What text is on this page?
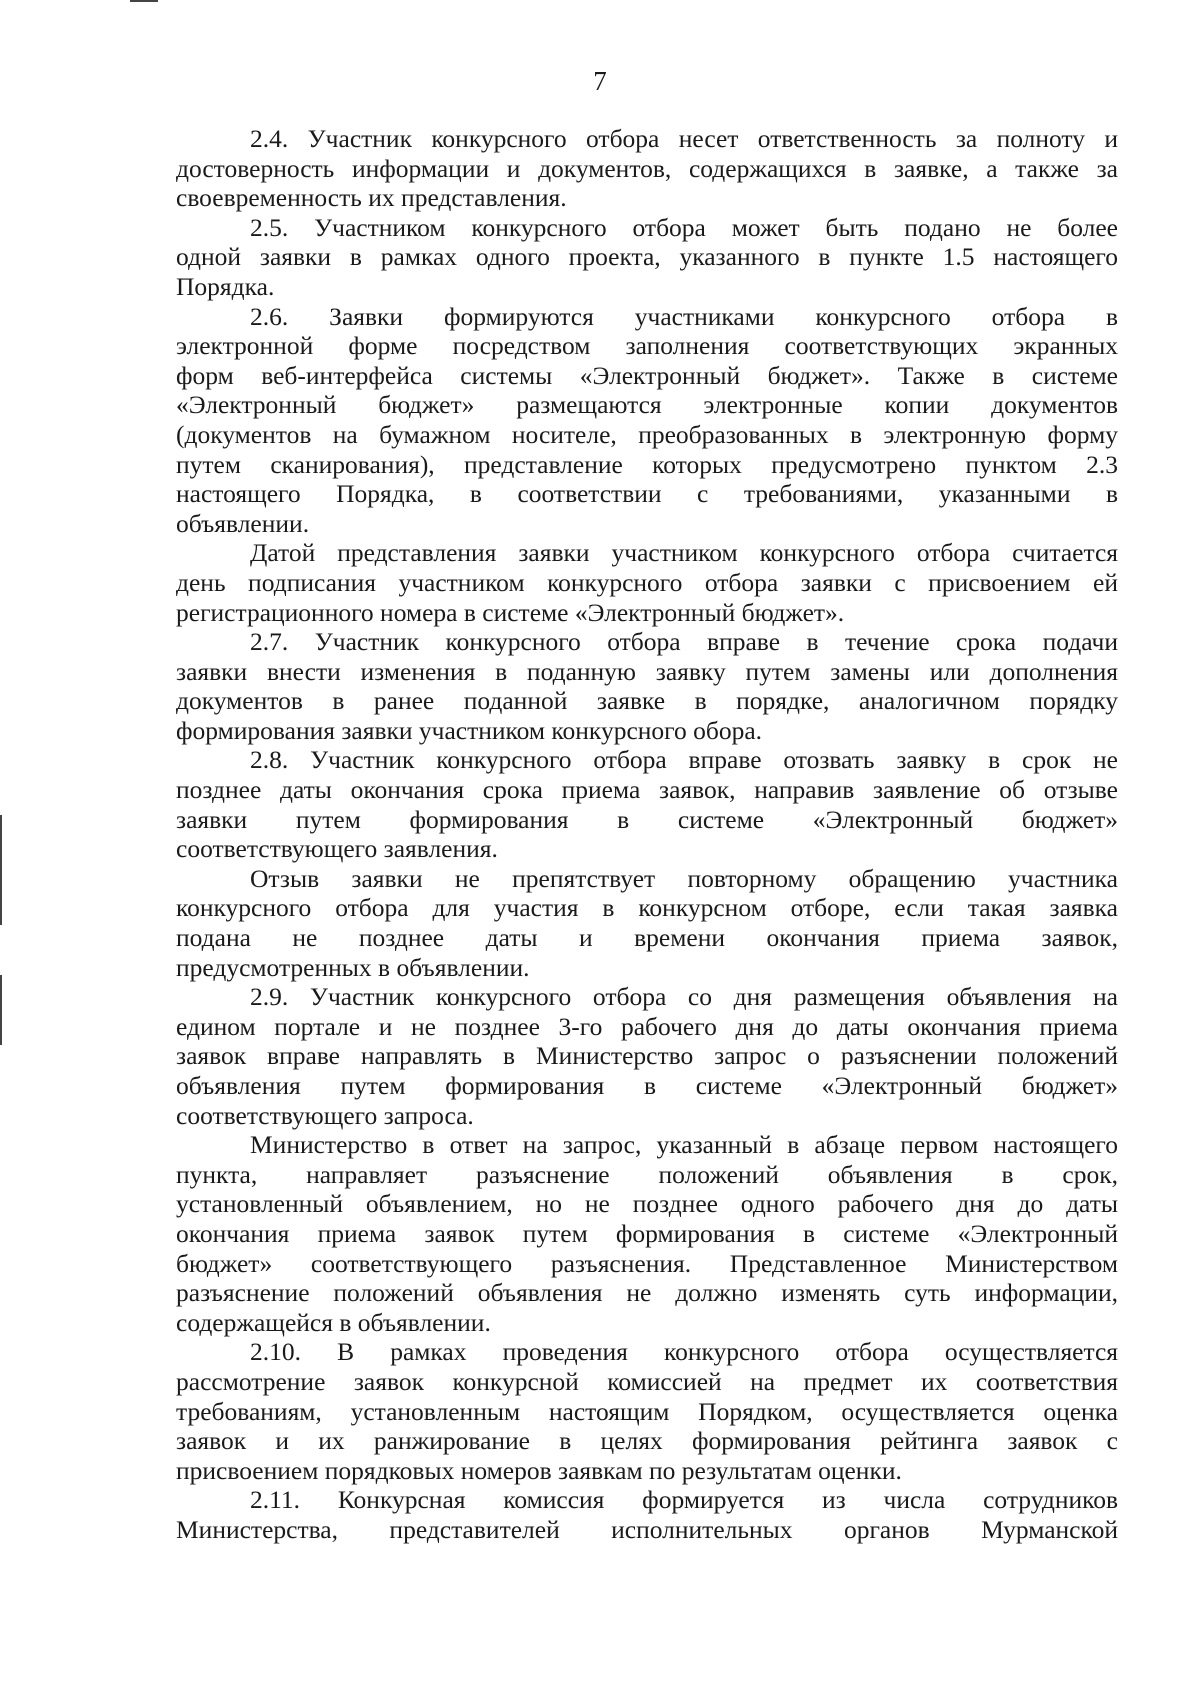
7
2.4. Участник конкурсного отбора несет ответственность за полноту и
достоверность информации и документов, содержащихся в заявке, а также за
своевременность их представления.
2.5. Участником конкурсного отбора может быть подано не более
одной заявки в рамках одного проекта, указанного в пункте 1.5 настоящего
Порядка.
2.6. Заявки формируются участниками конкурсного отбора в
электронной форме посредством заполнения соответствующих экранных
форм веб-интерфейса системы «Электронный бюджет». Также в системе
«Электронный бюджет» размещаются электронные копии документов
(документов на бумажном носителе, преобразованных в электронную форму
путем сканирования), представление которых предусмотрено пунктом 2.3
настоящего Порядка, в соответствии с требованиями, указанными в
объявлении.
Датой представления заявки участником конкурсного отбора считается
день подписания участником конкурсного отбора заявки с присвоением ей
регистрационного номера в системе «Электронный бюджет».
2.7. Участник конкурсного отбора вправе в течение срока подачи
заявки внести изменения в поданную заявку путем замены или дополнения
документов в ранее поданной заявке в порядке, аналогичном порядку
формирования заявки участником конкурсного обора.
2.8. Участник конкурсного отбора вправе отозвать заявку в срок не
позднее даты окончания срока приема заявок, направив заявление об отзыве
заявки путем формирования в системе «Электронный бюджет»
соответствующего заявления.
Отзыв заявки не препятствует повторному обращению участника
конкурсного отбора для участия в конкурсном отборе, если такая заявка
подана не позднее даты и времени окончания приема заявок,
предусмотренных в объявлении.
2.9. Участник конкурсного отбора со дня размещения объявления на
едином портале и не позднее 3-го рабочего дня до даты окончания приема
заявок вправе направлять в Министерство запрос о разъяснении положений
объявления путем формирования в системе «Электронный бюджет»
соответствующего запроса.
Министерство в ответ на запрос, указанный в абзаце первом настоящего
пункта, направляет разъяснение положений объявления в срок,
установленный объявлением, но не позднее одного рабочего дня до даты
окончания приема заявок путем формирования в системе «Электронный
бюджет» соответствующего разъяснения. Представленное Министерством
разъяснение положений объявления не должно изменять суть информации,
содержащейся в объявлении.
2.10. В рамках проведения конкурсного отбора осуществляется
рассмотрение заявок конкурсной комиссией на предмет их соответствия
требованиям, установленным настоящим Порядком, осуществляется оценка
заявок и их ранжирование в целях формирования рейтинга заявок с
присвоением порядковых номеров заявкам по результатам оценки.
2.11. Конкурсная комиссия формируется из числа сотрудников
Министерства, представителей исполнительных органов Мурманской
